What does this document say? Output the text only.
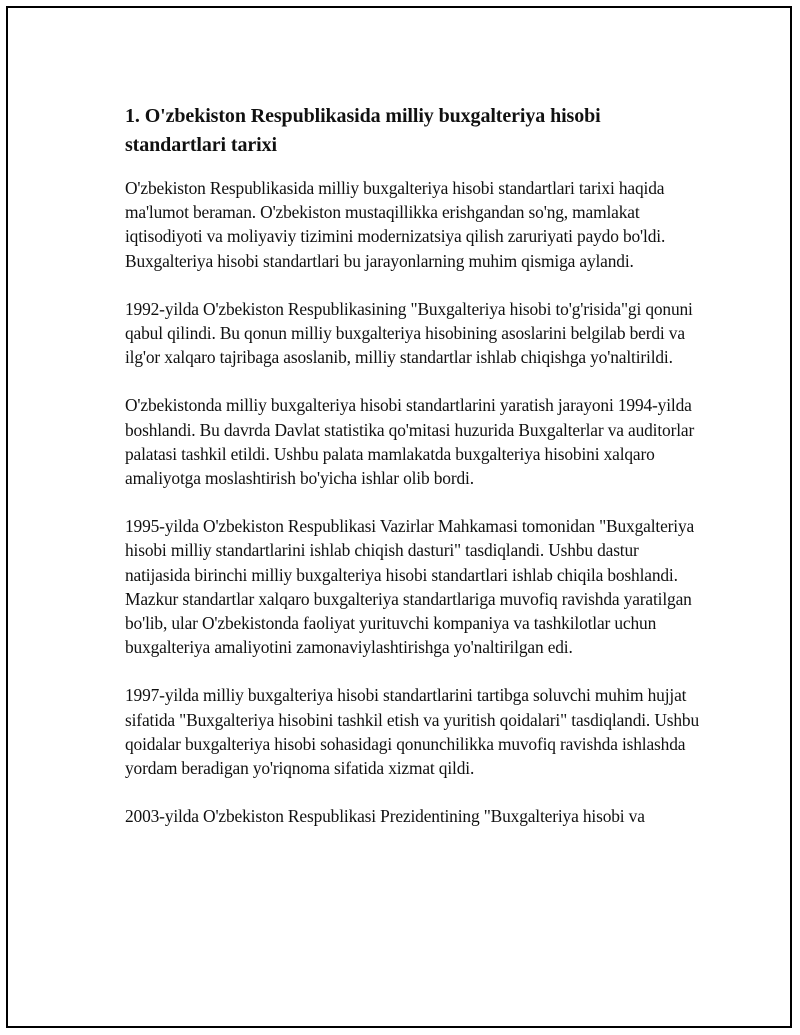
1. O'zbekiston Respublikasida milliy buxgalteriya hisobi standartlari tarixi

O'zbekiston Respublikasida milliy buxgalteriya hisobi standartlari tarixi haqida ma'lumot beraman. O'zbekiston mustaqillikka erishgandan so'ng, mamlakat iqtisodiyoti va moliyaviy tizimini modernizatsiya qilish zaruriyati paydo bo'ldi. Buxgalteriya hisobi standartlari bu jarayonlarning muhim qismiga aylandi.

1992-yilda O'zbekiston Respublikasining "Buxgalteriya hisobi to'g'risida"gi qonuni qabul qilindi. Bu qonun milliy buxgalteriya hisobining asoslarini belgilab berdi va ilg'or xalqaro tajribaga asoslanib, milliy standartlar ishlab chiqishga yo'naltirildi.

O'zbekistonda milliy buxgalteriya hisobi standartlarini yaratish jarayoni 1994-yilda boshlandi. Bu davrda Davlat statistika qo'mitasi huzurida Buxgalterlar va auditorlar palatasi tashkil etildi. Ushbu palata mamlakatda buxgalteriya hisobini xalqaro amaliyotga moslashtirish bo'yicha ishlar olib bordi.

1995-yilda O'zbekiston Respublikasi Vazirlar Mahkamasi tomonidan "Buxgalteriya hisobi milliy standartlarini ishlab chiqish dasturi" tasdiqlandi. Ushbu dastur natijasida birinchi milliy buxgalteriya hisobi standartlari ishlab chiqila boshlandi. Mazkur standartlar xalqaro buxgalteriya standartlariga muvofiq ravishda yaratilgan bo'lib, ular O'zbekistonda faoliyat yurituvchi kompaniya va tashkilotlar uchun buxgalteriya amaliyotini zamonaviylashtirishga yo'naltirilgan edi.

1997-yilda milliy buxgalteriya hisobi standartlarini tartibga soluvchi muhim hujjat sifatida "Buxgalteriya hisobini tashkil etish va yuritish qoidalari" tasdiqlandi. Ushbu qoidalar buxgalteriya hisobi sohasidagi qonunchilikka muvofiq ravishda ishlashda yordam beradigan yo'riqnoma sifatida xizmat qildi.

2003-yilda O'zbekiston Respublikasi Prezidentining "Buxgalteriya hisobi va
